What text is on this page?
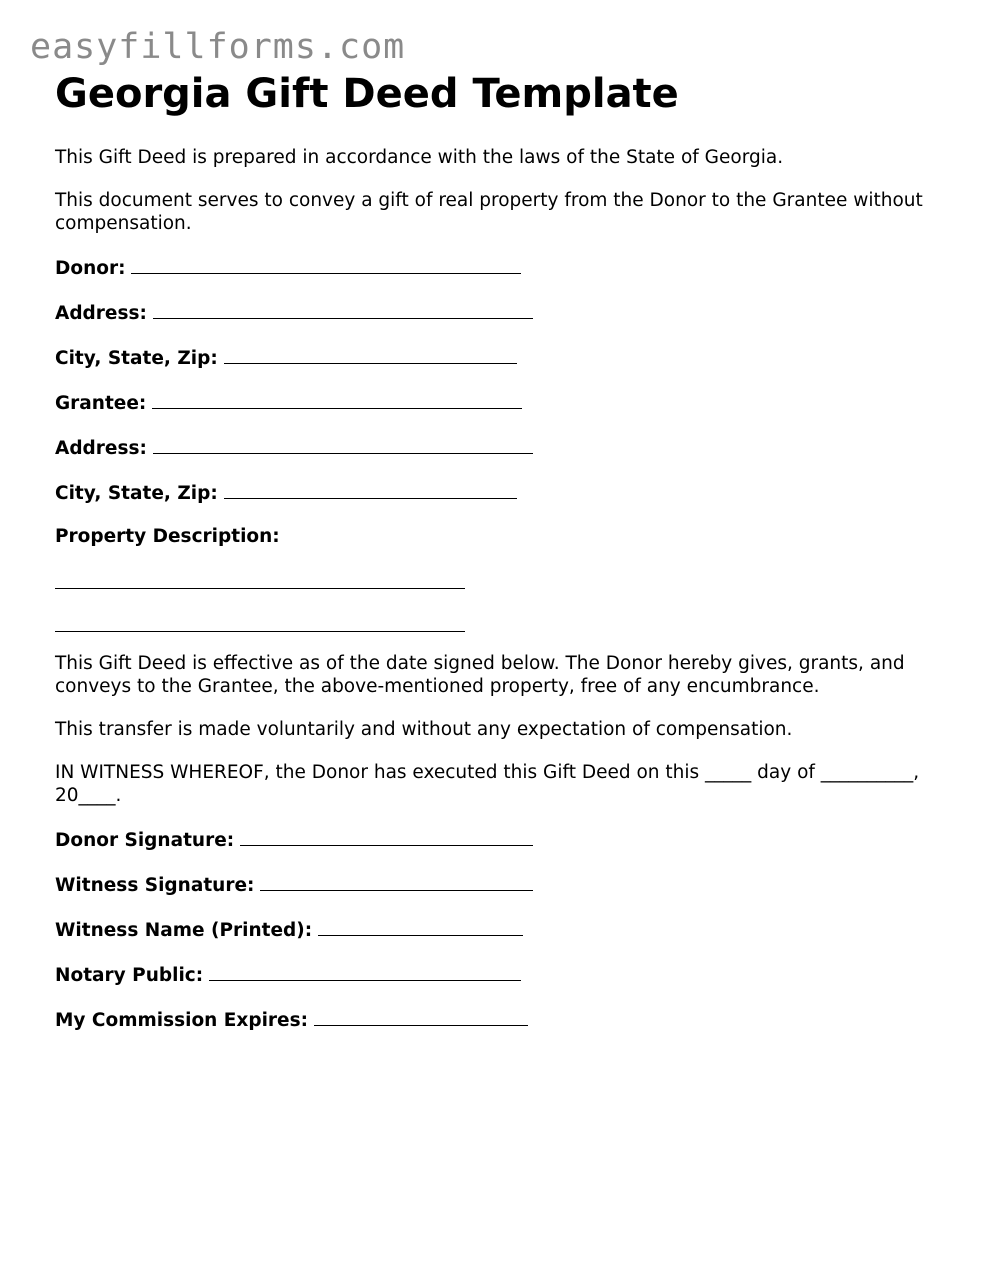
easyfillforms.com
Georgia Gift Deed Template

This Gift Deed is prepared in accordance with the laws of the State of Georgia.

This document serves to convey a gift of real property from the Donor to the Grantee without compensation.

Donor:

Address:

City, State, Zip:

Grantee:

Address:

City, State, Zip:

Property Description:

This Gift Deed is effective as of the date signed below. The Donor hereby gives, grants, and conveys to the Grantee, the above-mentioned property, free of any encumbrance.

This transfer is made voluntarily and without any expectation of compensation.

IN WITNESS WHEREOF, the Donor has executed this Gift Deed on this _____ day of __________, 20____.

Donor Signature:

Witness Signature:

Witness Name (Printed):

Notary Public:

My Commission Expires:
